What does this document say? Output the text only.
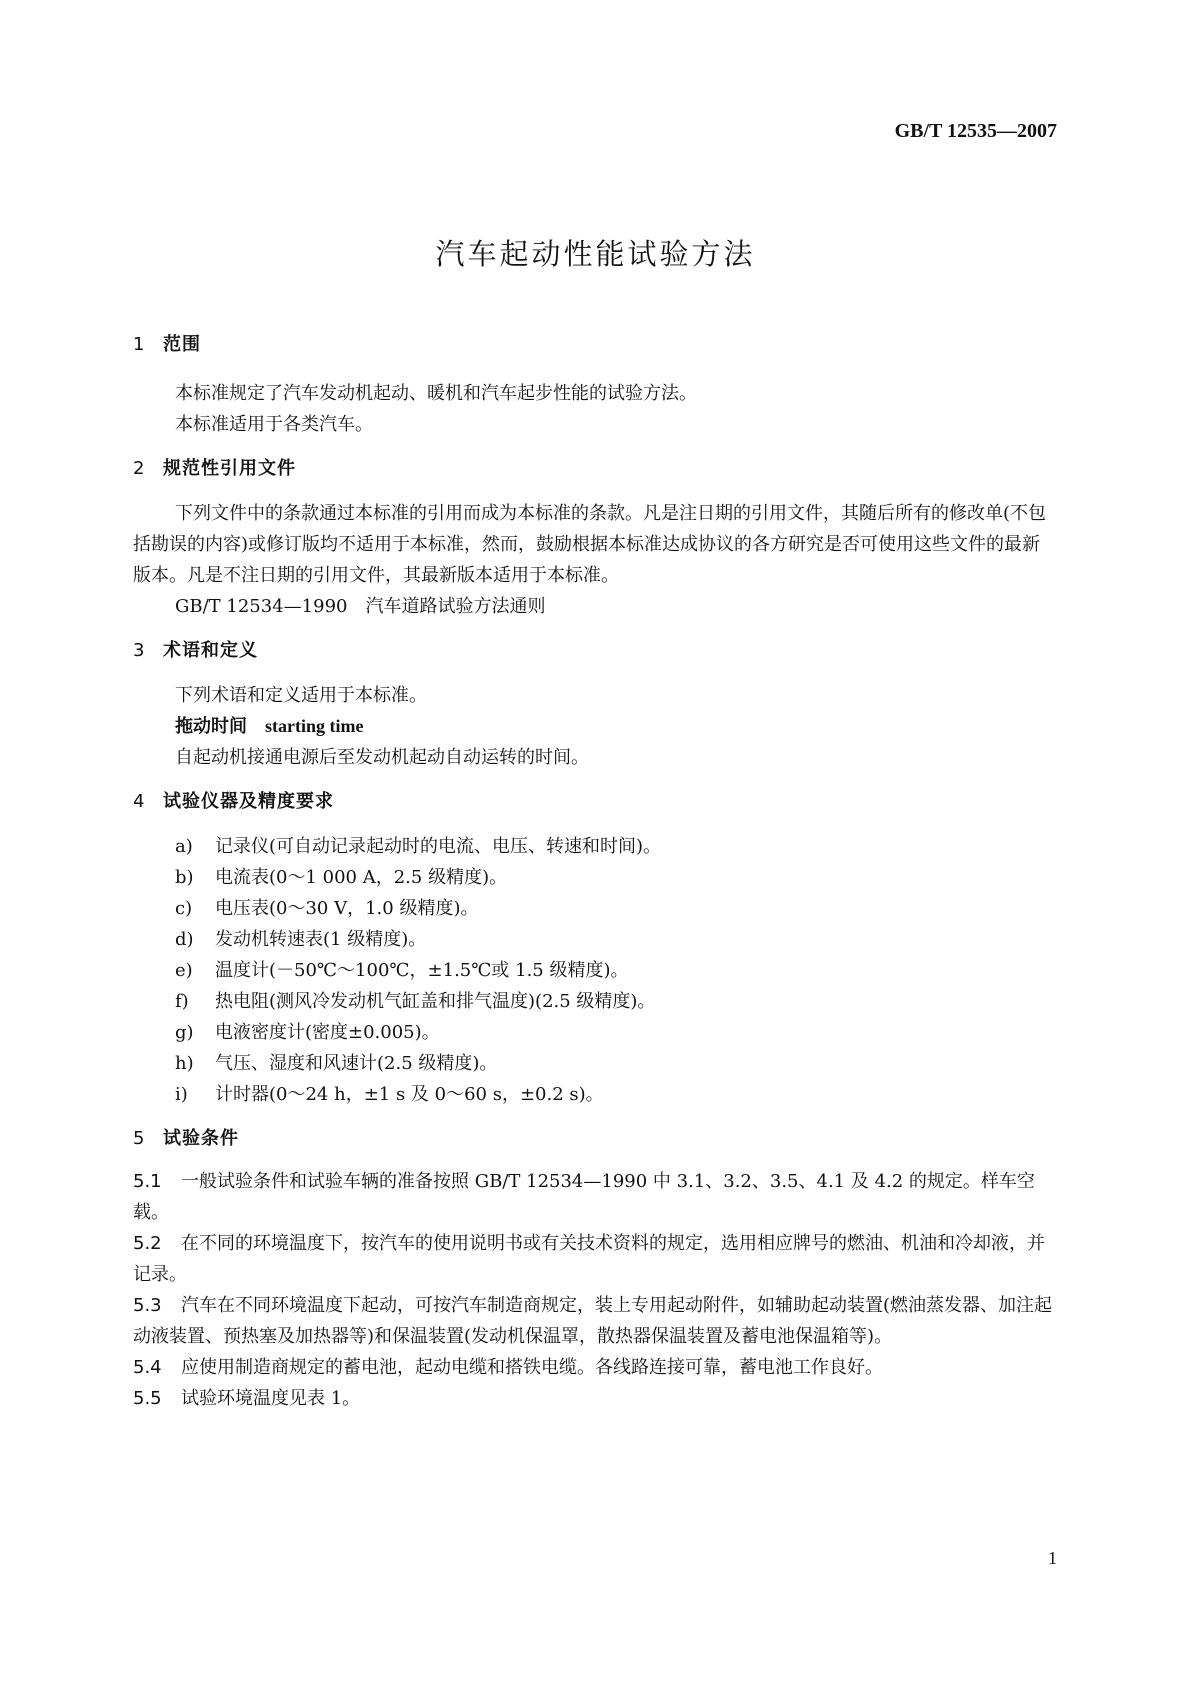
GB/T 12535—2007
汽车起动性能试验方法

1 范围

本标准规定了汽车发动机起动、暖机和汽车起步性能的试验方法。

本标准适用于各类汽车。

2 规范性引用文件

下列文件中的条款通过本标准的引用而成为本标准的条款。凡是注日期的引用文件，其随后所有的修改单(不包括勘误的内容)或修订版均不适用于本标准，然而，鼓励根据本标准达成协议的各方研究是否可使用这些文件的最新版本。凡是不注日期的引用文件，其最新版本适用于本标准。

GB/T 12534—1990 汽车道路试验方法通则

3 术语和定义

下列术语和定义适用于本标准。

拖动时间 starting time

自起动机接通电源后至发动机起动自动运转的时间。

4 试验仪器及精度要求

a) 记录仪(可自动记录起动时的电流、电压、转速和时间)。

b) 电流表(0～1 000 A，2.5 级精度)。

c) 电压表(0～30 V，1.0 级精度)。

d) 发动机转速表(1 级精度)。

e) 温度计(－50℃～100℃，±1.5℃或 1.5 级精度)。

f) 热电阻(测风冷发动机气缸盖和排气温度)(2.5 级精度)。

g) 电液密度计(密度±0.005)。

h) 气压、湿度和风速计(2.5 级精度)。

i) 计时器(0～24 h，±1 s 及 0～60 s，±0.2 s)。

5 试验条件

5.1 一般试验条件和试验车辆的准备按照 GB/T 12534—1990 中 3.1、3.2、3.5、4.1 及 4.2 的规定。样车空载。

5.2 在不同的环境温度下，按汽车的使用说明书或有关技术资料的规定，选用相应牌号的燃油、机油和冷却液，并记录。

5.3 汽车在不同环境温度下起动，可按汽车制造商规定，装上专用起动附件，如辅助起动装置(燃油蒸发器、加注起动液装置、预热塞及加热器等)和保温装置(发动机保温罩，散热器保温装置及蓄电池保温箱等)。

5.4 应使用制造商规定的蓄电池，起动电缆和搭铁电缆。各线路连接可靠，蓄电池工作良好。

5.5 试验环境温度见表 1。

1
